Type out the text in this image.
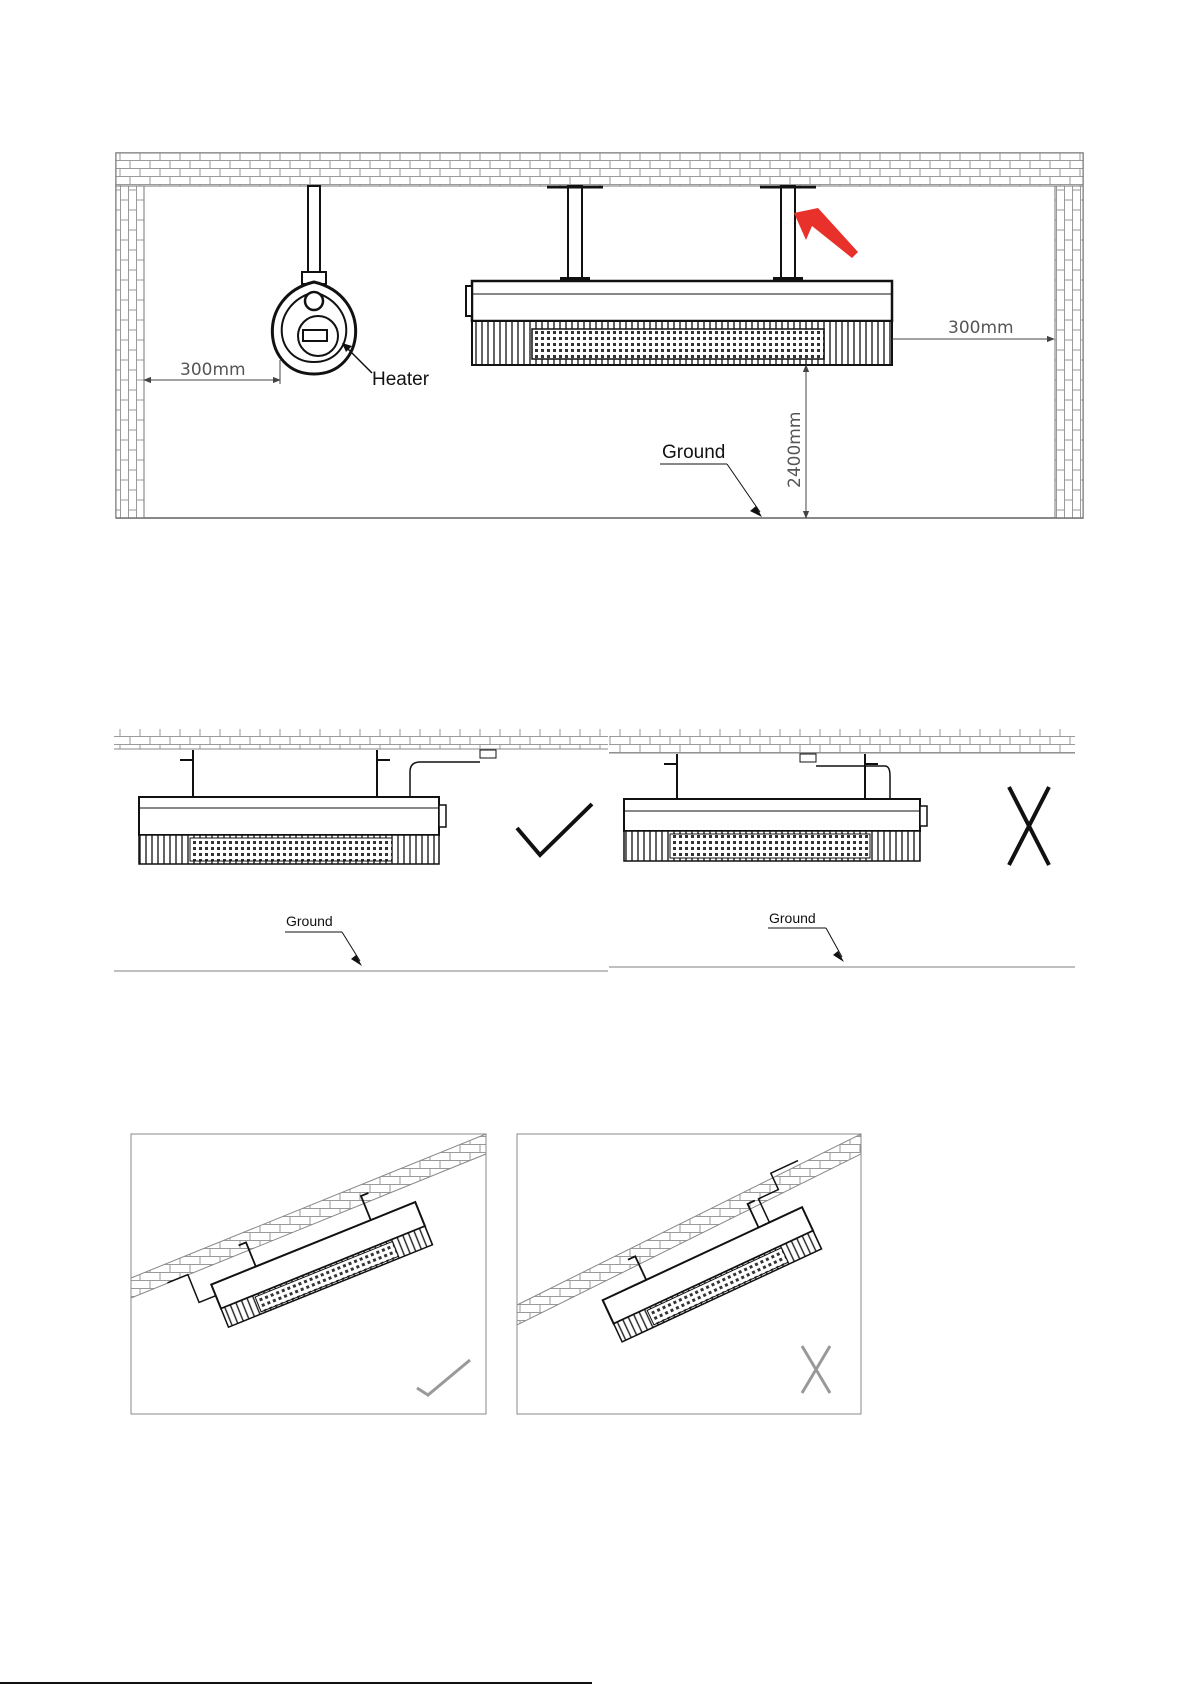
Heater
300mm
300mm
2400mm
Ground
Ground	Ground
